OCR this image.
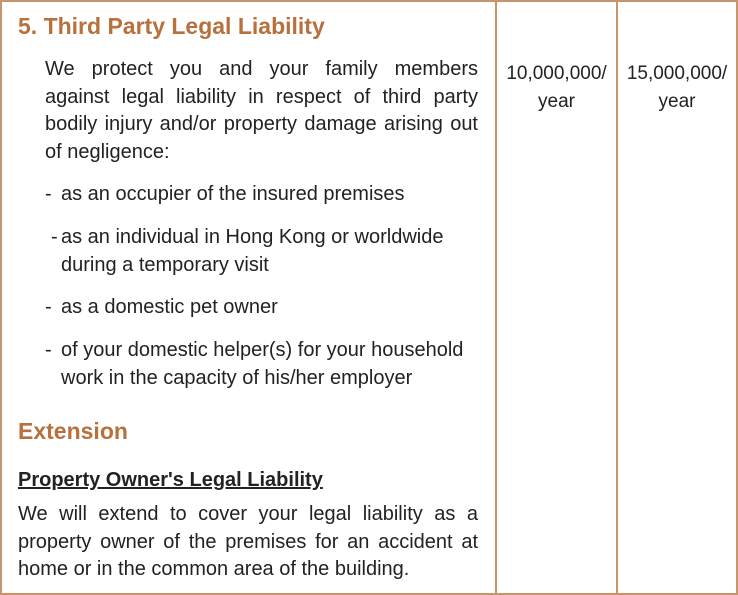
5. Third Party Legal Liability
We protect you and your family members against legal liability in respect of third party bodily injury and/or property damage arising out of negligence:
- as an occupier of the insured premises
- as an individual in Hong Kong or worldwide during a temporary visit
- as a domestic pet owner
- of your domestic helper(s) for your household work in the capacity of his/her employer
Extension
Property Owner's Legal Liability
We will extend to cover your legal liability as a property owner of the premises for an accident at home or in the common area of the building.
10,000,000/
year
15,000,000/
year
